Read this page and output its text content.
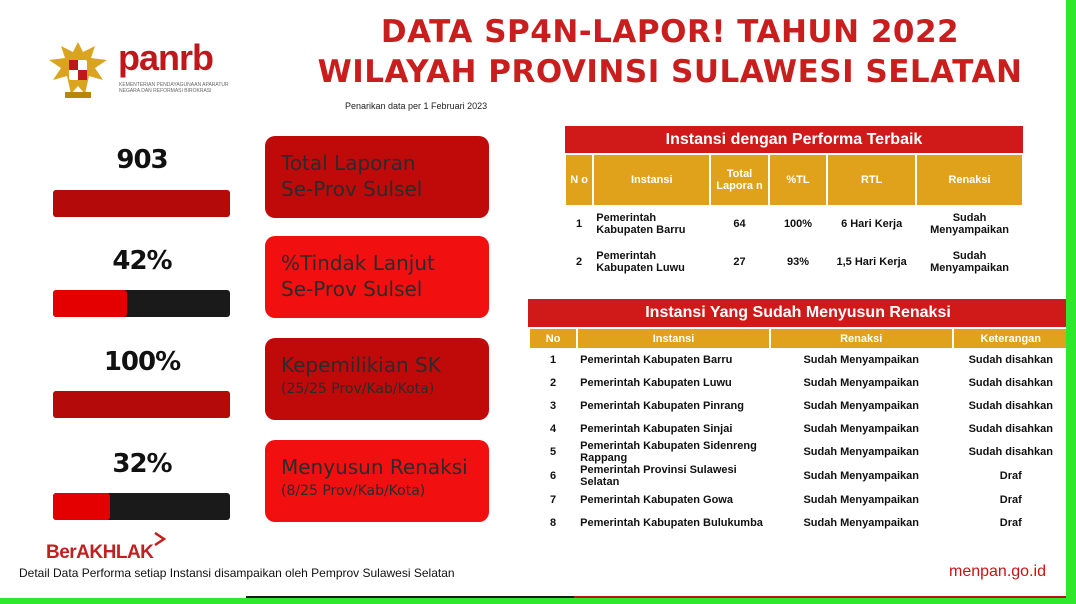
panrb
KEMENTERIAN PENDAYAGUNAAN APARATUR NEGARA DAN REFORMASI BIROKRASI
DATA SP4N-LAPOR! TAHUN 2022
WILAYAH PROVINSI SULAWESI SELATAN
Penarikan data per 1 Februari 2023
903	Total Laporan
Se-Prov Sulsel
42%	%Tindak Lanjut
Se-Prov Sulsel
100%	Kepemilikian SK
(25/25 Prov/Kab/Kota)
32%	Menyusun Renaksi
(8/25 Prov/Kab/Kota)
Instansi dengan Performa Terbaik
N o	Instansi	Total Lapora n	%TL	RTL	Renaksi
1	Pemerintah Kabupaten Barru	64	100%	6 Hari Kerja	Sudah Menyampaikan
2	Pemerintah Kabupaten Luwu	27	93%	1,5 Hari Kerja	Sudah Menyampaikan
Instansi Yang Sudah Menyusun Renaksi
No	Instansi	Renaksi	Keterangan
1	Pemerintah Kabupaten Barru	Sudah Menyampaikan	Sudah disahkan
2	Pemerintah Kabupaten Luwu	Sudah Menyampaikan	Sudah disahkan
3	Pemerintah Kabupaten Pinrang	Sudah Menyampaikan	Sudah disahkan
4	Pemerintah Kabupaten Sinjai	Sudah Menyampaikan	Sudah disahkan
5	Pemerintah Kabupaten Sidenreng Rappang	Sudah Menyampaikan	Sudah disahkan
6	Pemerintah Provinsi Sulawesi Selatan	Sudah Menyampaikan	Draf
7	Pemerintah Kabupaten Gowa	Sudah Menyampaikan	Draf
8	Pemerintah Kabupaten Bulukumba	Sudah Menyampaikan	Draf
BerAKHLAK
Detail Data Performa setiap Instansi disampaikan oleh Pemprov Sulawesi Selatan	menpan.go.id
